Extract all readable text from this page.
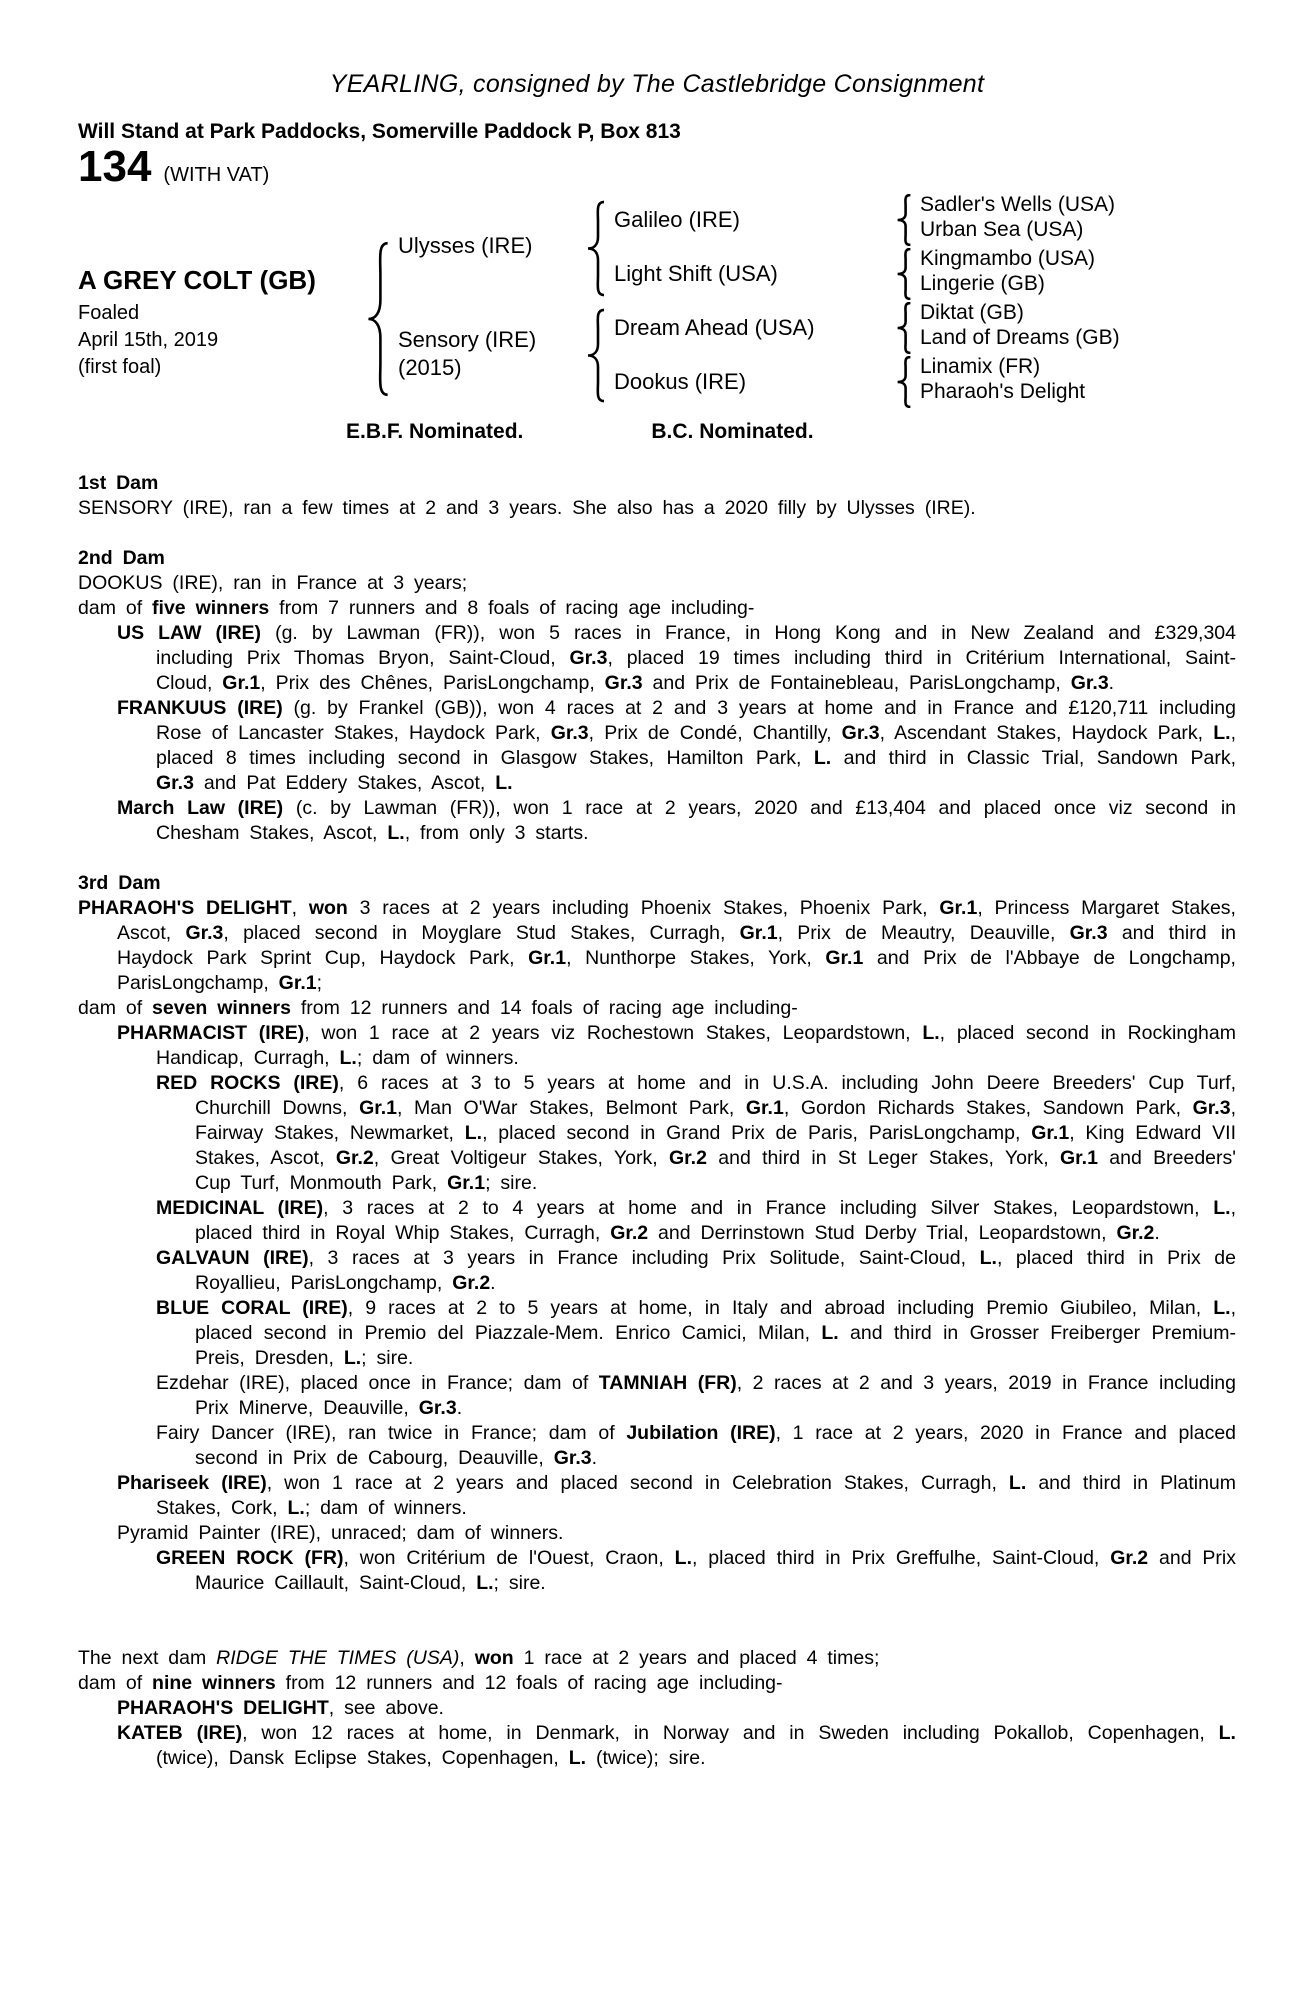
YEARLING, consigned by The Castlebridge Consignment
Will Stand at Park Paddocks, Somerville Paddock P, Box 813
134 (WITH VAT)
A GREY COLT (GB)
Foaled
April 15th, 2019
(first foal)
Ulysses (IRE)
Sensory (IRE)
(2015)
Galileo (IRE)
Light Shift (USA)
Dream Ahead (USA)
Dookus (IRE)
Sadler's Wells (USA)
Urban Sea (USA)
Kingmambo (USA)
Lingerie (GB)
Diktat (GB)
Land of Dreams (GB)
Linamix (FR)
Pharaoh's Delight
E.B.F. Nominated.	B.C. Nominated.
1st Dam
SENSORY (IRE), ran a few times at 2 and 3 years. She also has a 2020 filly by Ulysses (IRE).
2nd Dam
DOOKUS (IRE), ran in France at 3 years;
dam of five winners from 7 runners and 8 foals of racing age including-
US LAW (IRE) (g. by Lawman (FR)), won 5 races in France, in Hong Kong and in New Zealand and £329,304 including Prix Thomas Bryon, Saint-Cloud, Gr.3, placed 19 times including third in Critérium International, Saint-Cloud, Gr.1, Prix des Chênes, ParisLongchamp, Gr.3 and Prix de Fontainebleau, ParisLongchamp, Gr.3.
FRANKUUS (IRE) (g. by Frankel (GB)), won 4 races at 2 and 3 years at home and in France and £120,711 including Rose of Lancaster Stakes, Haydock Park, Gr.3, Prix de Condé, Chantilly, Gr.3, Ascendant Stakes, Haydock Park, L., placed 8 times including second in Glasgow Stakes, Hamilton Park, L. and third in Classic Trial, Sandown Park, Gr.3 and Pat Eddery Stakes, Ascot, L.
March Law (IRE) (c. by Lawman (FR)), won 1 race at 2 years, 2020 and £13,404 and placed once viz second in Chesham Stakes, Ascot, L., from only 3 starts.
3rd Dam
PHARAOH'S DELIGHT, won 3 races at 2 years including Phoenix Stakes, Phoenix Park, Gr.1, Princess Margaret Stakes, Ascot, Gr.3, placed second in Moyglare Stud Stakes, Curragh, Gr.1, Prix de Meautry, Deauville, Gr.3 and third in Haydock Park Sprint Cup, Haydock Park, Gr.1, Nunthorpe Stakes, York, Gr.1 and Prix de l'Abbaye de Longchamp, ParisLongchamp, Gr.1;
dam of seven winners from 12 runners and 14 foals of racing age including-
PHARMACIST (IRE), won 1 race at 2 years viz Rochestown Stakes, Leopardstown, L., placed second in Rockingham Handicap, Curragh, L.; dam of winners.
RED ROCKS (IRE), 6 races at 3 to 5 years at home and in U.S.A. including John Deere Breeders' Cup Turf, Churchill Downs, Gr.1, Man O'War Stakes, Belmont Park, Gr.1, Gordon Richards Stakes, Sandown Park, Gr.3, Fairway Stakes, Newmarket, L., placed second in Grand Prix de Paris, ParisLongchamp, Gr.1, King Edward VII Stakes, Ascot, Gr.2, Great Voltigeur Stakes, York, Gr.2 and third in St Leger Stakes, York, Gr.1 and Breeders' Cup Turf, Monmouth Park, Gr.1; sire.
MEDICINAL (IRE), 3 races at 2 to 4 years at home and in France including Silver Stakes, Leopardstown, L., placed third in Royal Whip Stakes, Curragh, Gr.2 and Derrinstown Stud Derby Trial, Leopardstown, Gr.2.
GALVAUN (IRE), 3 races at 3 years in France including Prix Solitude, Saint-Cloud, L., placed third in Prix de Royallieu, ParisLongchamp, Gr.2.
BLUE CORAL (IRE), 9 races at 2 to 5 years at home, in Italy and abroad including Premio Giubileo, Milan, L., placed second in Premio del Piazzale-Mem. Enrico Camici, Milan, L. and third in Grosser Freiberger Premium-Preis, Dresden, L.; sire.
Ezdehar (IRE), placed once in France; dam of TAMNIAH (FR), 2 races at 2 and 3 years, 2019 in France including Prix Minerve, Deauville, Gr.3.
Fairy Dancer (IRE), ran twice in France; dam of Jubilation (IRE), 1 race at 2 years, 2020 in France and placed second in Prix de Cabourg, Deauville, Gr.3.
Phariseek (IRE), won 1 race at 2 years and placed second in Celebration Stakes, Curragh, L. and third in Platinum Stakes, Cork, L.; dam of winners.
Pyramid Painter (IRE), unraced; dam of winners.
GREEN ROCK (FR), won Critérium de l'Ouest, Craon, L., placed third in Prix Greffulhe, Saint-Cloud, Gr.2 and Prix Maurice Caillault, Saint-Cloud, L.; sire.
The next dam RIDGE THE TIMES (USA), won 1 race at 2 years and placed 4 times;
dam of nine winners from 12 runners and 12 foals of racing age including-
PHARAOH'S DELIGHT, see above.
KATEB (IRE), won 12 races at home, in Denmark, in Norway and in Sweden including Pokallob, Copenhagen, L. (twice), Dansk Eclipse Stakes, Copenhagen, L. (twice); sire.
